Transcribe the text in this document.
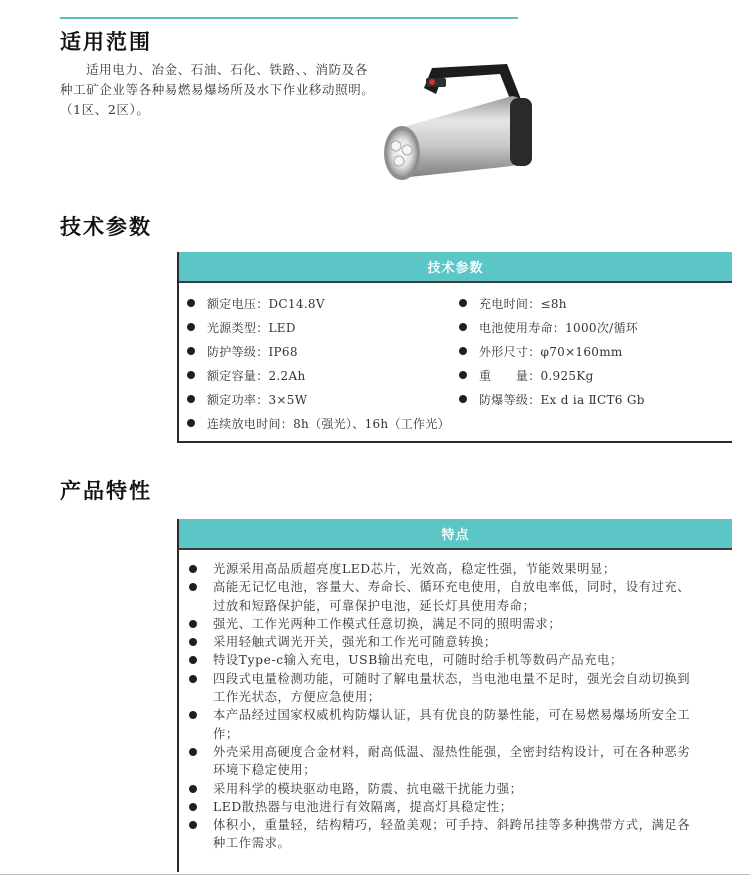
适用范围

适用电力、冶金、石油、石化、铁路、、消防及各种工矿企业等各种易燃易爆场所及水下作业移动照明。（1区、2区）。

技术参数
技术参数
额定电压：DC14.8V
光源类型：LED
防护等级：IP68
额定容量：2.2Ah
额定功率：3×5W
连续放电时间：8h（强光）、16h（工作光）
充电时间：≤8h
电池使用寿命：1000次/循环
外形尺寸：φ70×160mm
重　　量：0.925Kg
防爆等级：Ex d ia ⅡCT6 Gb
产品特性
特点
光源采用高品质超亮度LED芯片，光效高，稳定性强，节能效果明显；
高能无记忆电池，容量大、寿命长、循环充电使用，自放电率低，同时，设有过充、过放和短路保护能，可靠保护电池，延长灯具使用寿命；
强光、工作光两种工作模式任意切换，满足不同的照明需求；
采用轻触式调光开关，强光和工作光可随意转换；
特设Type-c输入充电，USB输出充电，可随时给手机等数码产品充电；
四段式电量检测功能，可随时了解电量状态，当电池电量不足时，强光会自动切换到工作光状态，方便应急使用；
本产品经过国家权威机构防爆认证，具有优良的防暴性能，可在易燃易爆场所安全工作；
外壳采用高硬度合金材料，耐高低温、湿热性能强，全密封结构设计，可在各种恶劣环境下稳定使用；
采用科学的模块驱动电路，防震、抗电磁干扰能力强；
LED散热器与电池进行有效隔离，提高灯具稳定性；
体积小，重量轻，结构精巧，轻盈美观；可手持、斜跨吊挂等多种携带方式，满足各种工作需求。
